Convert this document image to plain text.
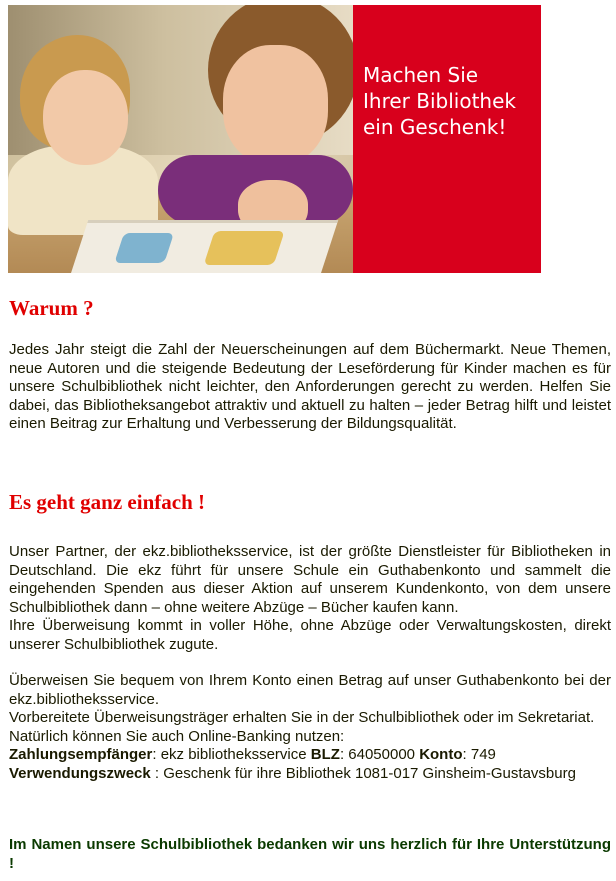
Machen Sie
Ihrer Bibliothek
ein Geschenk!
Warum ?

Jedes Jahr steigt die Zahl der Neuerscheinungen auf dem Büchermarkt. Neue Themen, neue Autoren und die steigende Bedeutung der Leseförderung für Kinder machen es für unsere Schulbibliothek nicht leichter, den Anforderungen gerecht zu werden. Helfen Sie dabei, das Bibliotheksangebot attraktiv und aktuell zu halten – jeder Betrag hilft und leistet einen Beitrag zur Erhaltung und Verbesserung der Bildungsqualität.

Es geht ganz einfach !

Unser Partner, der ekz.bibliotheksservice, ist der größte Dienstleister für Bibliotheken in Deutschland. Die ekz führt für unsere Schule ein Guthabenkonto und sammelt die eingehenden Spenden aus dieser Aktion auf unserem Kundenkonto, von dem unsere Schulbibliothek dann – ohne weitere Abzüge – Bücher kaufen kann.
Ihre Überweisung kommt in voller Höhe, ohne Abzüge oder Verwaltungskosten, direkt unserer Schulbibliothek zugute.

Überweisen Sie bequem von Ihrem Konto einen Betrag auf unser Guthabenkonto bei der ekz.bibliotheksservice.
Vorbereitete Überweisungsträger erhalten Sie in der Schulbibliothek oder im Sekretariat.
Natürlich können Sie auch Online-Banking nutzen:
Zahlungsempfänger: ekz bibliotheksservice BLZ: 64050000 Konto: 749
Verwendungszweck : Geschenk für ihre Bibliothek 1081-017 Ginsheim-Gustavsburg

Im Namen unsere Schulbibliothek bedanken wir uns herzlich für Ihre Unterstützung !
